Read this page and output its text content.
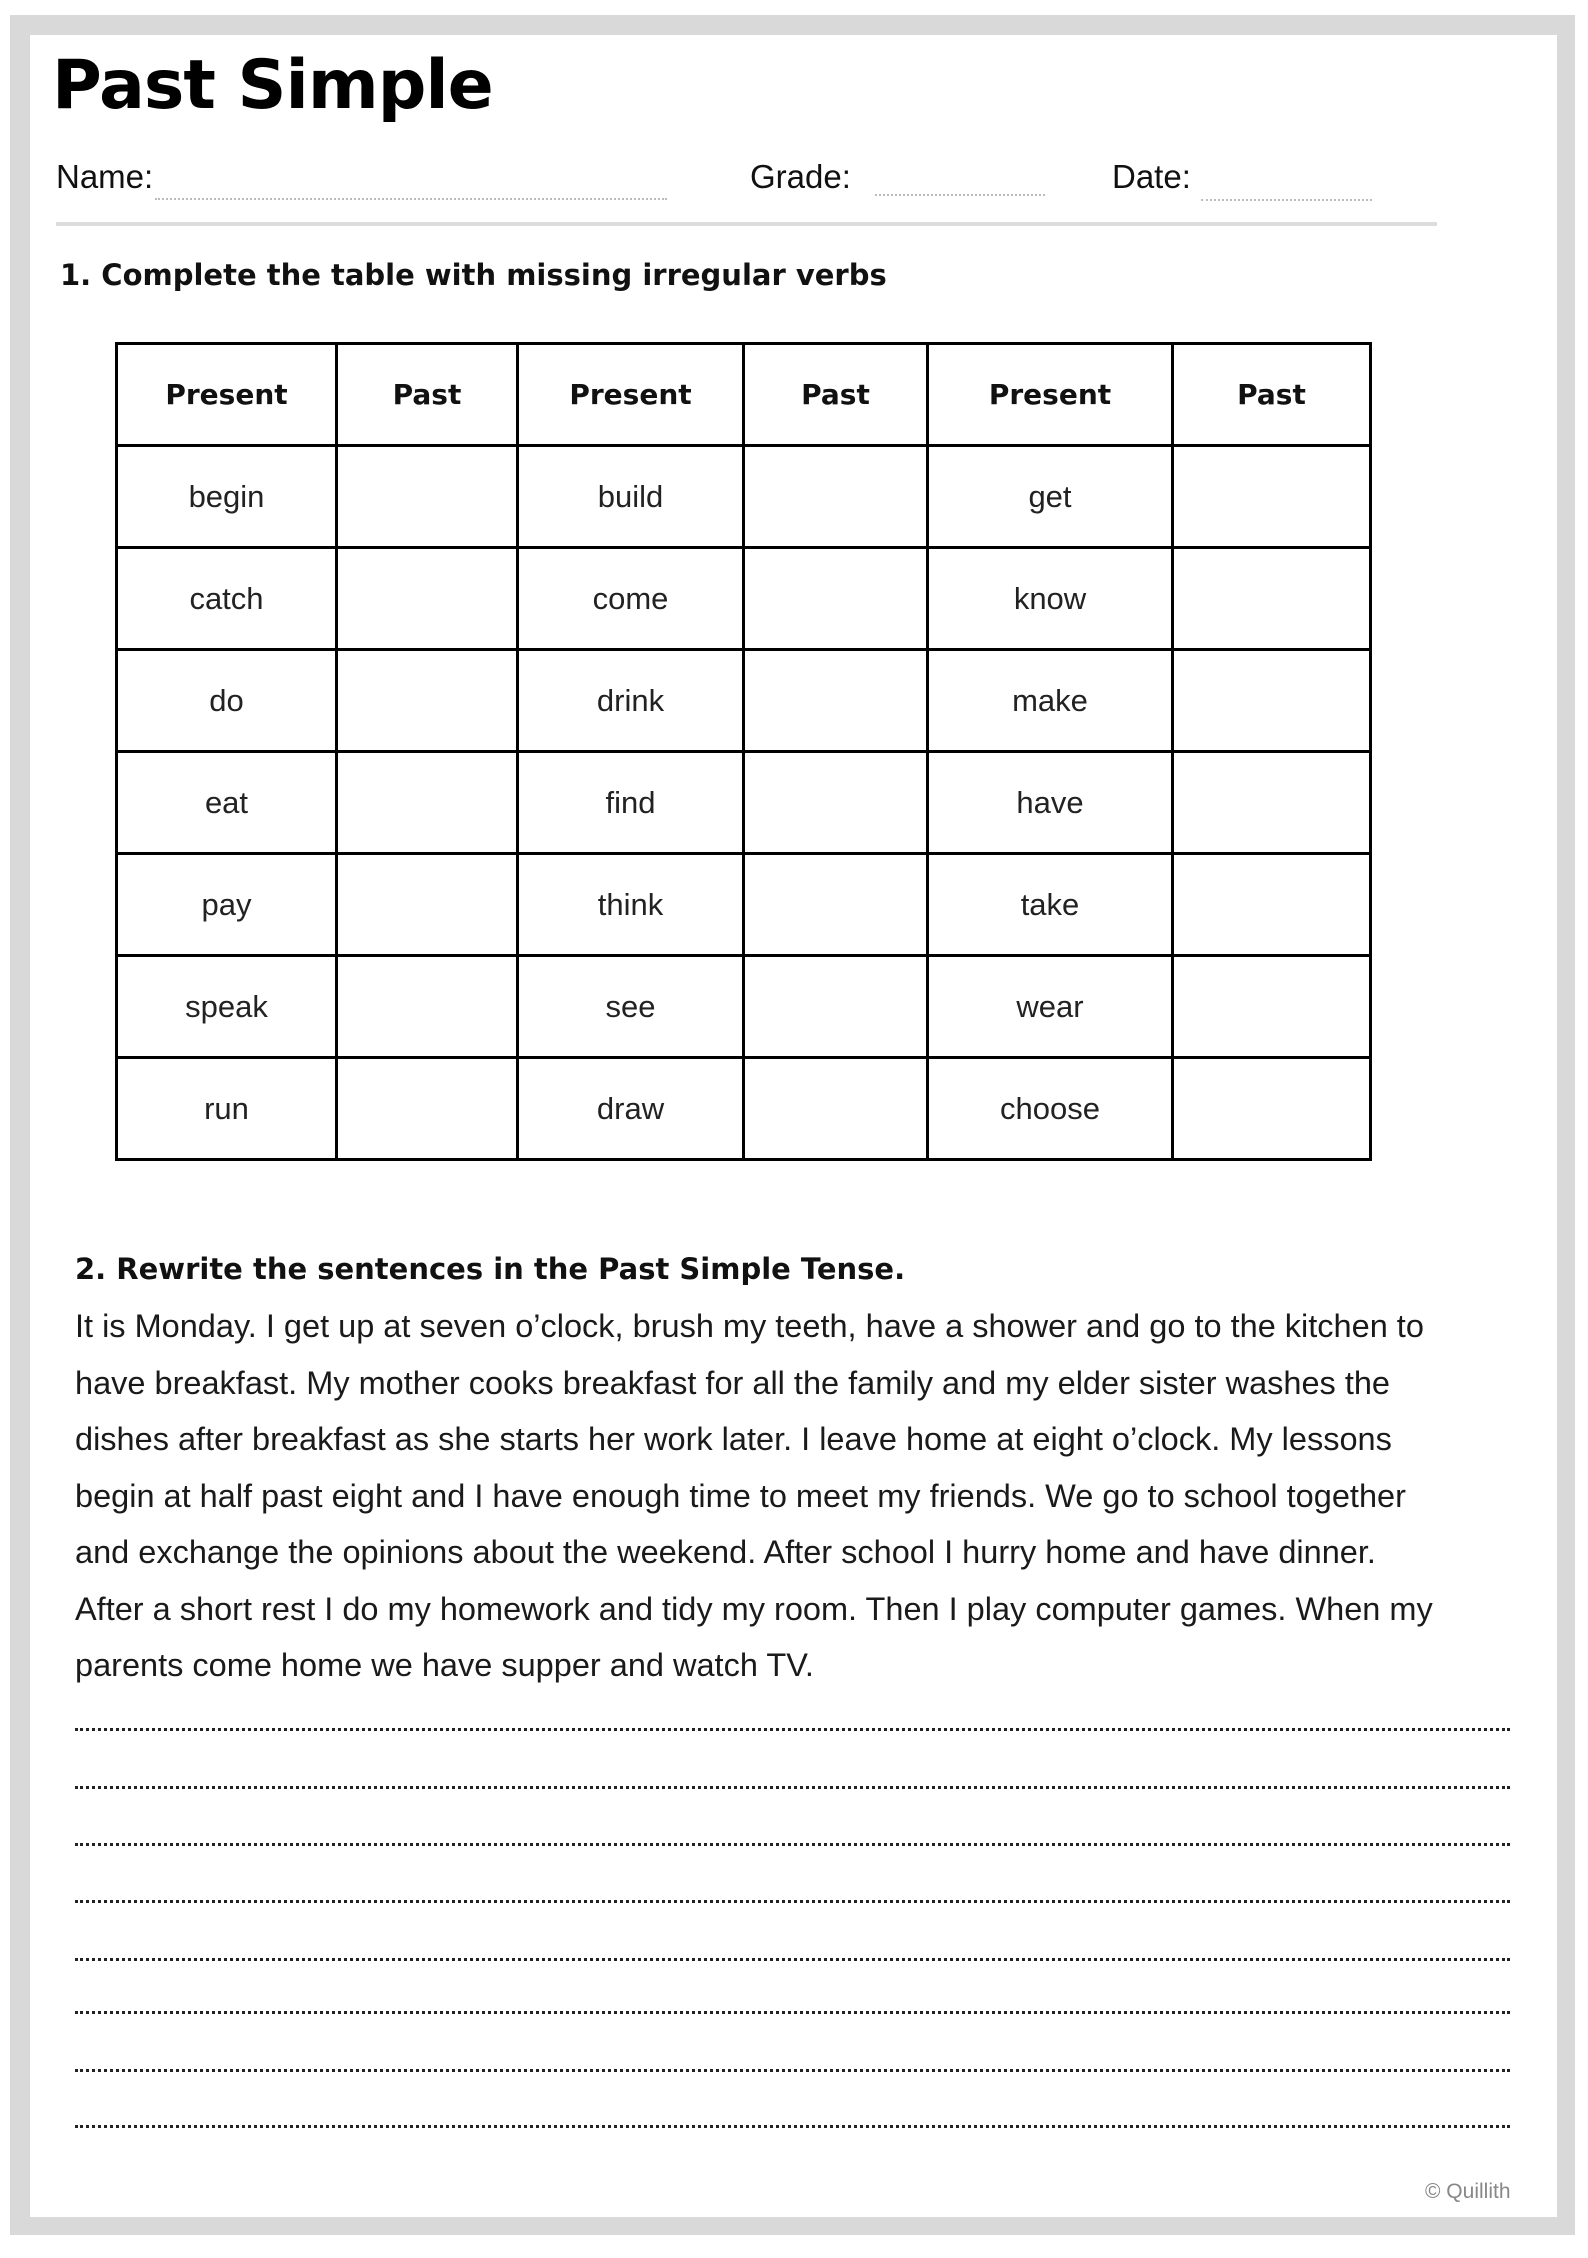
Past Simple
Name:	Grade:	Date:
1. Complete the table with missing irregular verbs
Present	Past	Present	Past	Present	Past
begin		build		get	
catch		come		know	
do		drink		make	
eat		find		have	
pay		think		take	
speak		see		wear	
run		draw		choose	
2. Rewrite the sentences in the Past Simple Tense.
It is Monday. I get up at seven o’clock, brush my teeth, have a shower and go to the kitchen to
have breakfast. My mother cooks breakfast for all the family and my elder sister washes the
dishes after breakfast as she starts her work later. I leave home at eight o’clock. My lessons
begin at half past eight and I have enough time to meet my friends. We go to school together
and exchange the opinions about the weekend. After school I hurry home and have dinner.
After a short rest I do my homework and tidy my room. Then I play computer games. When my
parents come home we have supper and watch TV.
© Quillith
